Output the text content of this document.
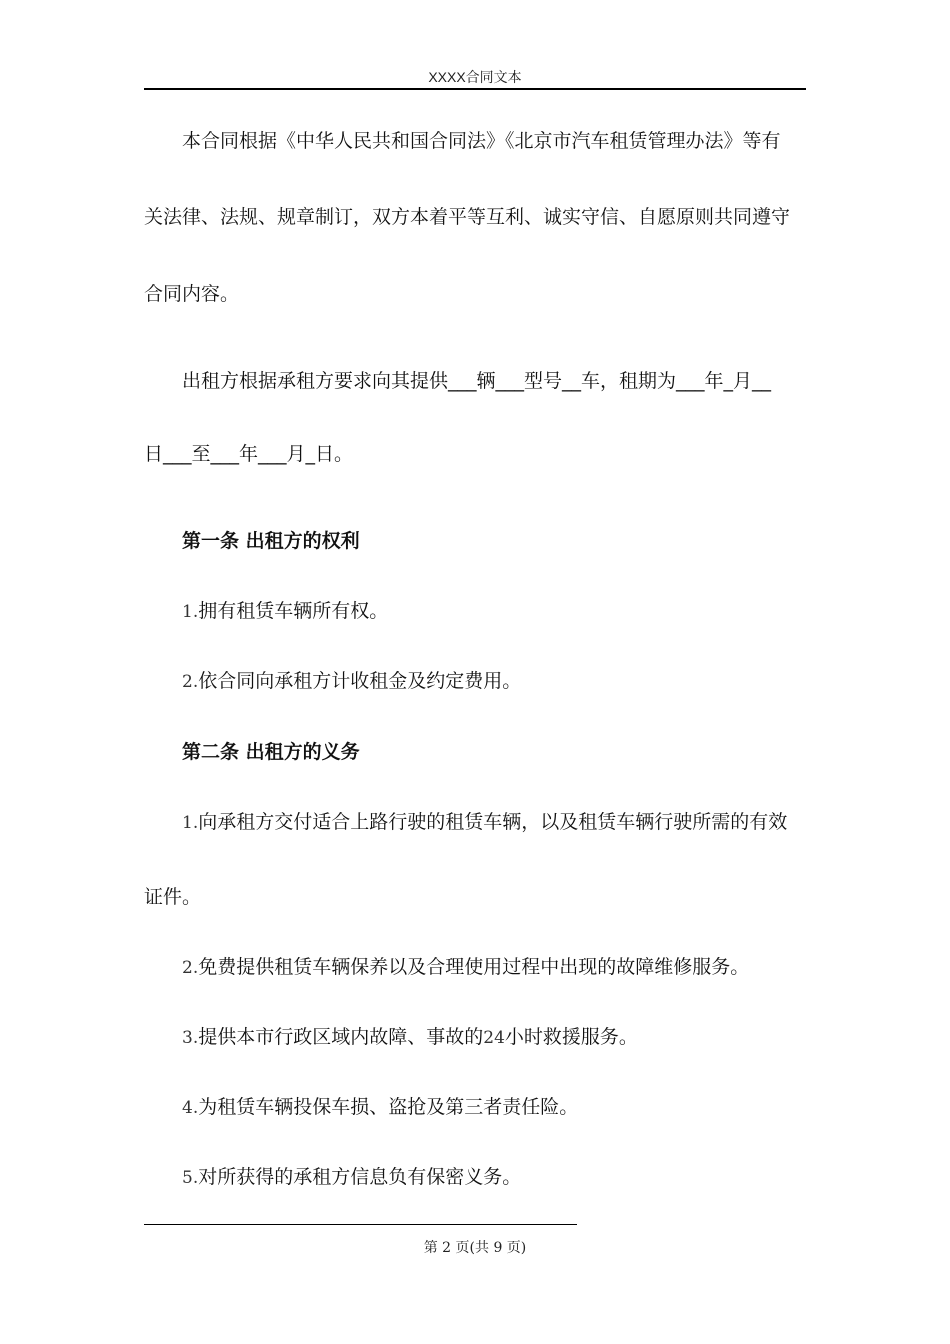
XXXX合同文本
本合同根据《中华人民共和国合同法》《北京市汽车租赁管理办法》等有
关法律、法规、规章制订，双方本着平等互利、诚实守信、自愿原则共同遵守
合同内容。
出租方根据承租方要求向其提供___辆___型号__车，租期为___年_月__
日___至___年___月_日。
第一条 出租方的权利
1.拥有租赁车辆所有权。
2.依合同向承租方计收租金及约定费用。
第二条 出租方的义务
1.向承租方交付适合上路行驶的租赁车辆，以及租赁车辆行驶所需的有效
证件。
2.免费提供租赁车辆保养以及合理使用过程中出现的故障维修服务。
3.提供本市行政区域内故障、事故的24小时救援服务。
4.为租赁车辆投保车损、盗抢及第三者责任险。
5.对所获得的承租方信息负有保密义务。
第 2 页(共 9 页)
